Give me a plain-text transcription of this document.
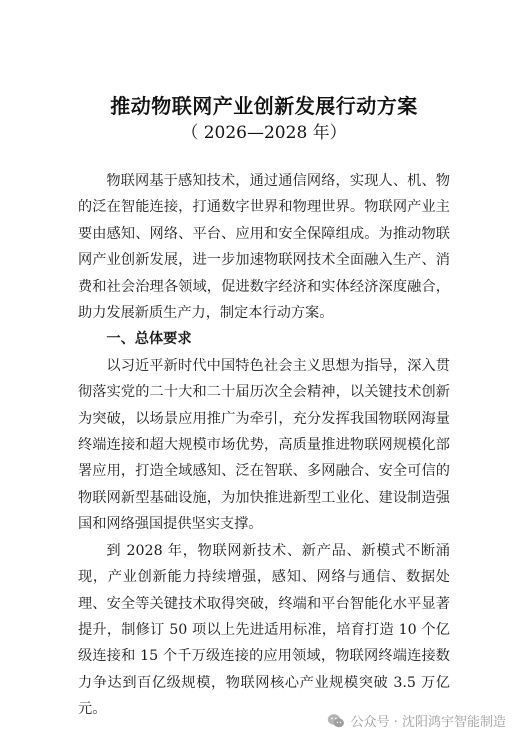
推动物联网产业创新发展行动方案
（ 2026—2028 年）

物联网基于感知技术，通过通信网络，实现人、机、物的泛在智能连接，打通数字世界和物理世界。物联网产业主要由感知、网络、平台、应用和安全保障组成。为推动物联网产业创新发展，进一步加速物联网技术全面融入生产、消费和社会治理各领域，促进数字经济和实体经济深度融合，助力发展新质生产力，制定本行动方案。

一、总体要求

以习近平新时代中国特色社会主义思想为指导，深入贯彻落实党的二十大和二十届历次全会精神，以关键技术创新为突破，以场景应用推广为牵引，充分发挥我国物联网海量终端连接和超大规模市场优势，高质量推进物联网规模化部署应用，打造全域感知、泛在智联、多网融合、安全可信的物联网新型基础设施，为加快推进新型工业化、建设制造强国和网络强国提供坚实支撑。

到 2028 年，物联网新技术、新产品、新模式不断涌现，产业创新能力持续增强，感知、网络与通信、数据处理、安全等关键技术取得突破，终端和平台智能化水平显著提升，制修订 50 项以上先进适用标准，培育打造 10 个亿级连接和 15 个千万级连接的应用领域，物联网终端连接数力争达到百亿级规模，物联网核心产业规模突破 3.5 万亿元。

公众号 · 沈阳鸿宇智能制造
